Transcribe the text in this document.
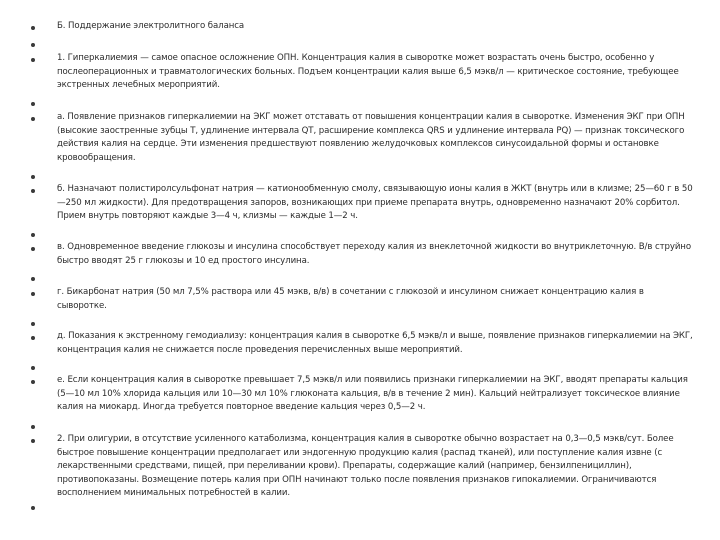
Б. Поддержание электролитного баланса
1. Гиперкалиемия — самое опасное осложнение ОПН. Концентрация калия в сыворотке может возрастать очень быстро, особенно у послеоперационных и травматологических больных. Подъем концентрации калия выше 6,5 мэкв/л — критическое состояние, требующее экстренных лечебных мероприятий.
а. Появление признаков гиперкалиемии на ЭКГ может отставать от повышения концентрации калия в сыворотке. Изменения ЭКГ при ОПН (высокие заостренные зубцы T, удлинение интервала QT, расширение комплекса QRS и удлинение интервала PQ) — признак токсического действия калия на сердце. Эти изменения предшествуют появлению желудочковых комплексов синусоидальной формы и остановке кровообращения.
б. Назначают полистиролсульфонат натрия — катионообменную смолу, связывающую ионы калия в ЖКТ (внутрь или в клизме; 25—60 г в 50—250 мл жидкости). Для предотвращения запоров, возникающих при приеме препарата внутрь, одновременно назначают 20% сорбитол. Прием внутрь повторяют каждые 3—4 ч, клизмы — каждые 1—2 ч.
в. Одновременное введение глюкозы и инсулина способствует переходу калия из внеклеточной жидкости во внутриклеточную. В/в струйно быстро вводят 25 г глюкозы и 10 ед простого инсулина.
г. Бикарбонат натрия (50 мл 7,5% раствора или 45 мэкв, в/в) в сочетании с глюкозой и инсулином снижает концентрацию калия в сыворотке.
д. Показания к экстренному гемодиализу: концентрация калия в сыворотке 6,5 мэкв/л и выше, появление признаков гиперкалиемии на ЭКГ, концентрация калия не снижается после проведения перечисленных выше мероприятий.
е. Если концентрация калия в сыворотке превышает 7,5 мэкв/л или появились признаки гиперкалиемии на ЭКГ, вводят препараты кальция (5—10 мл 10% хлорида кальция или 10—30 мл 10% глюконата кальция, в/в в течение 2 мин). Кальций нейтрализует токсическое влияние калия на миокард. Иногда требуется повторное введение кальция через 0,5—2 ч.
2. При олигурии, в отсутствие усиленного катаболизма, концентрация калия в сыворотке обычно возрастает на 0,3—0,5 мэкв/сут. Более быстрое повышение концентрации предполагает или эндогенную продукцию калия (распад тканей), или поступление калия извне (с лекарственными средствами, пищей, при переливании крови). Препараты, содержащие калий (например, бензилпенициллин), противопоказаны. Возмещение потерь калия при ОПН начинают только после появления признаков гипокалиемии. Ограничиваются восполнением минимальных потребностей в калии.
